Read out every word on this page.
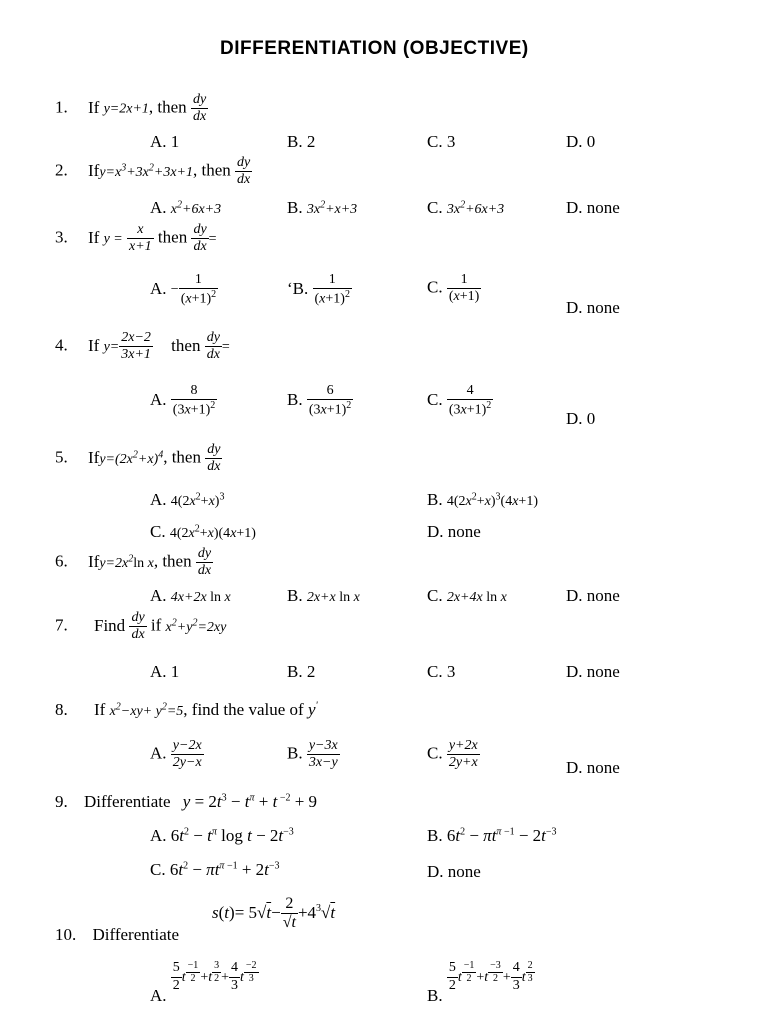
DIFFERENTIATION (OBJECTIVE)
1. If y=2x+1, then $\frac{dy}{dx}$
A. 1	B. 2	C. 3	D. 0
2. $Ify=x^3+3x^2+3x+1$, then $\frac{dy}{dx}$
A. $x^2+6x+3$	B. $3x^2+x+3$	C. $3x^2+6x+3$	D. none
3. If $y = \frac{x}{x+1}$ then $\frac{dy}{dx}$ =
A. − $\frac{1}{(x+1)^2}$	‘B. $\frac{1}{(x+1)^2}$	C. $\frac{1}{(x+1)}$
D. none
4. If $y= \frac{2x-2}{3x+1}$ then $\frac{dy}{dx}$ =
A. $\frac{8}{(3x+1)^2}$	B. $\frac{6}{(3x+1)^2}$	C. $\frac{4}{(3x+1)^2}$	D. 0
5. $Ify=(2x^2+x)^4$, then $\frac{dy}{dx}$
A. $4(2x^2+x)^3$	B. $4(2x^2+x)^3(4x+1)$
C. $4(2x^2+x)(4x+1)$	D. none
6. $Ify=2x^2\ln$ x, then $\frac{dy}{dx}$
A. 4x+2x ln x	B. 2x+x ln x	C. 2x+4x ln x	D. none
7. Find $\frac{dy}{dx}$ if $x^2+y^2=2xy$
A. 1	B. 2	C. 3	D. none
8. If $x^2-xy+ y^2=5$, find the value of y'
A. $\frac{y-2x}{2y-x}$	B. $\frac{y-3x}{3x-y}$	C. $\frac{y+2x}{2y+x}$	D. none
9. Differentiate $y = 2t^3 - t^\pi + t$ $^{-2}$ + 9
A. $6t^2 - t^\pi$ $\log t - 2t^{-3}$	B. $6t^2 - \pi t^{\pi -1} - 2t^{-3}$
C. $6t^2 - \pi t^{\pi -1} + 2t^{-3}$	D. none
$s(t)= 5√t- \frac{2}{√t} +4^3√t$
10. Differentiate
A.
$\frac{5}{2}$ t $^{\frac{-1}{2}}$ +t $^{\frac{3}{2}} + \frac{4}{3}$ t $^{\frac{-2}{3}}$
B.
$\frac{5}{2}$ t $^{\frac{-1}{2}}$ +t $^{\frac{-3}{2}} + \frac{4}{3}$ t $^{\frac{2}{3}}$
